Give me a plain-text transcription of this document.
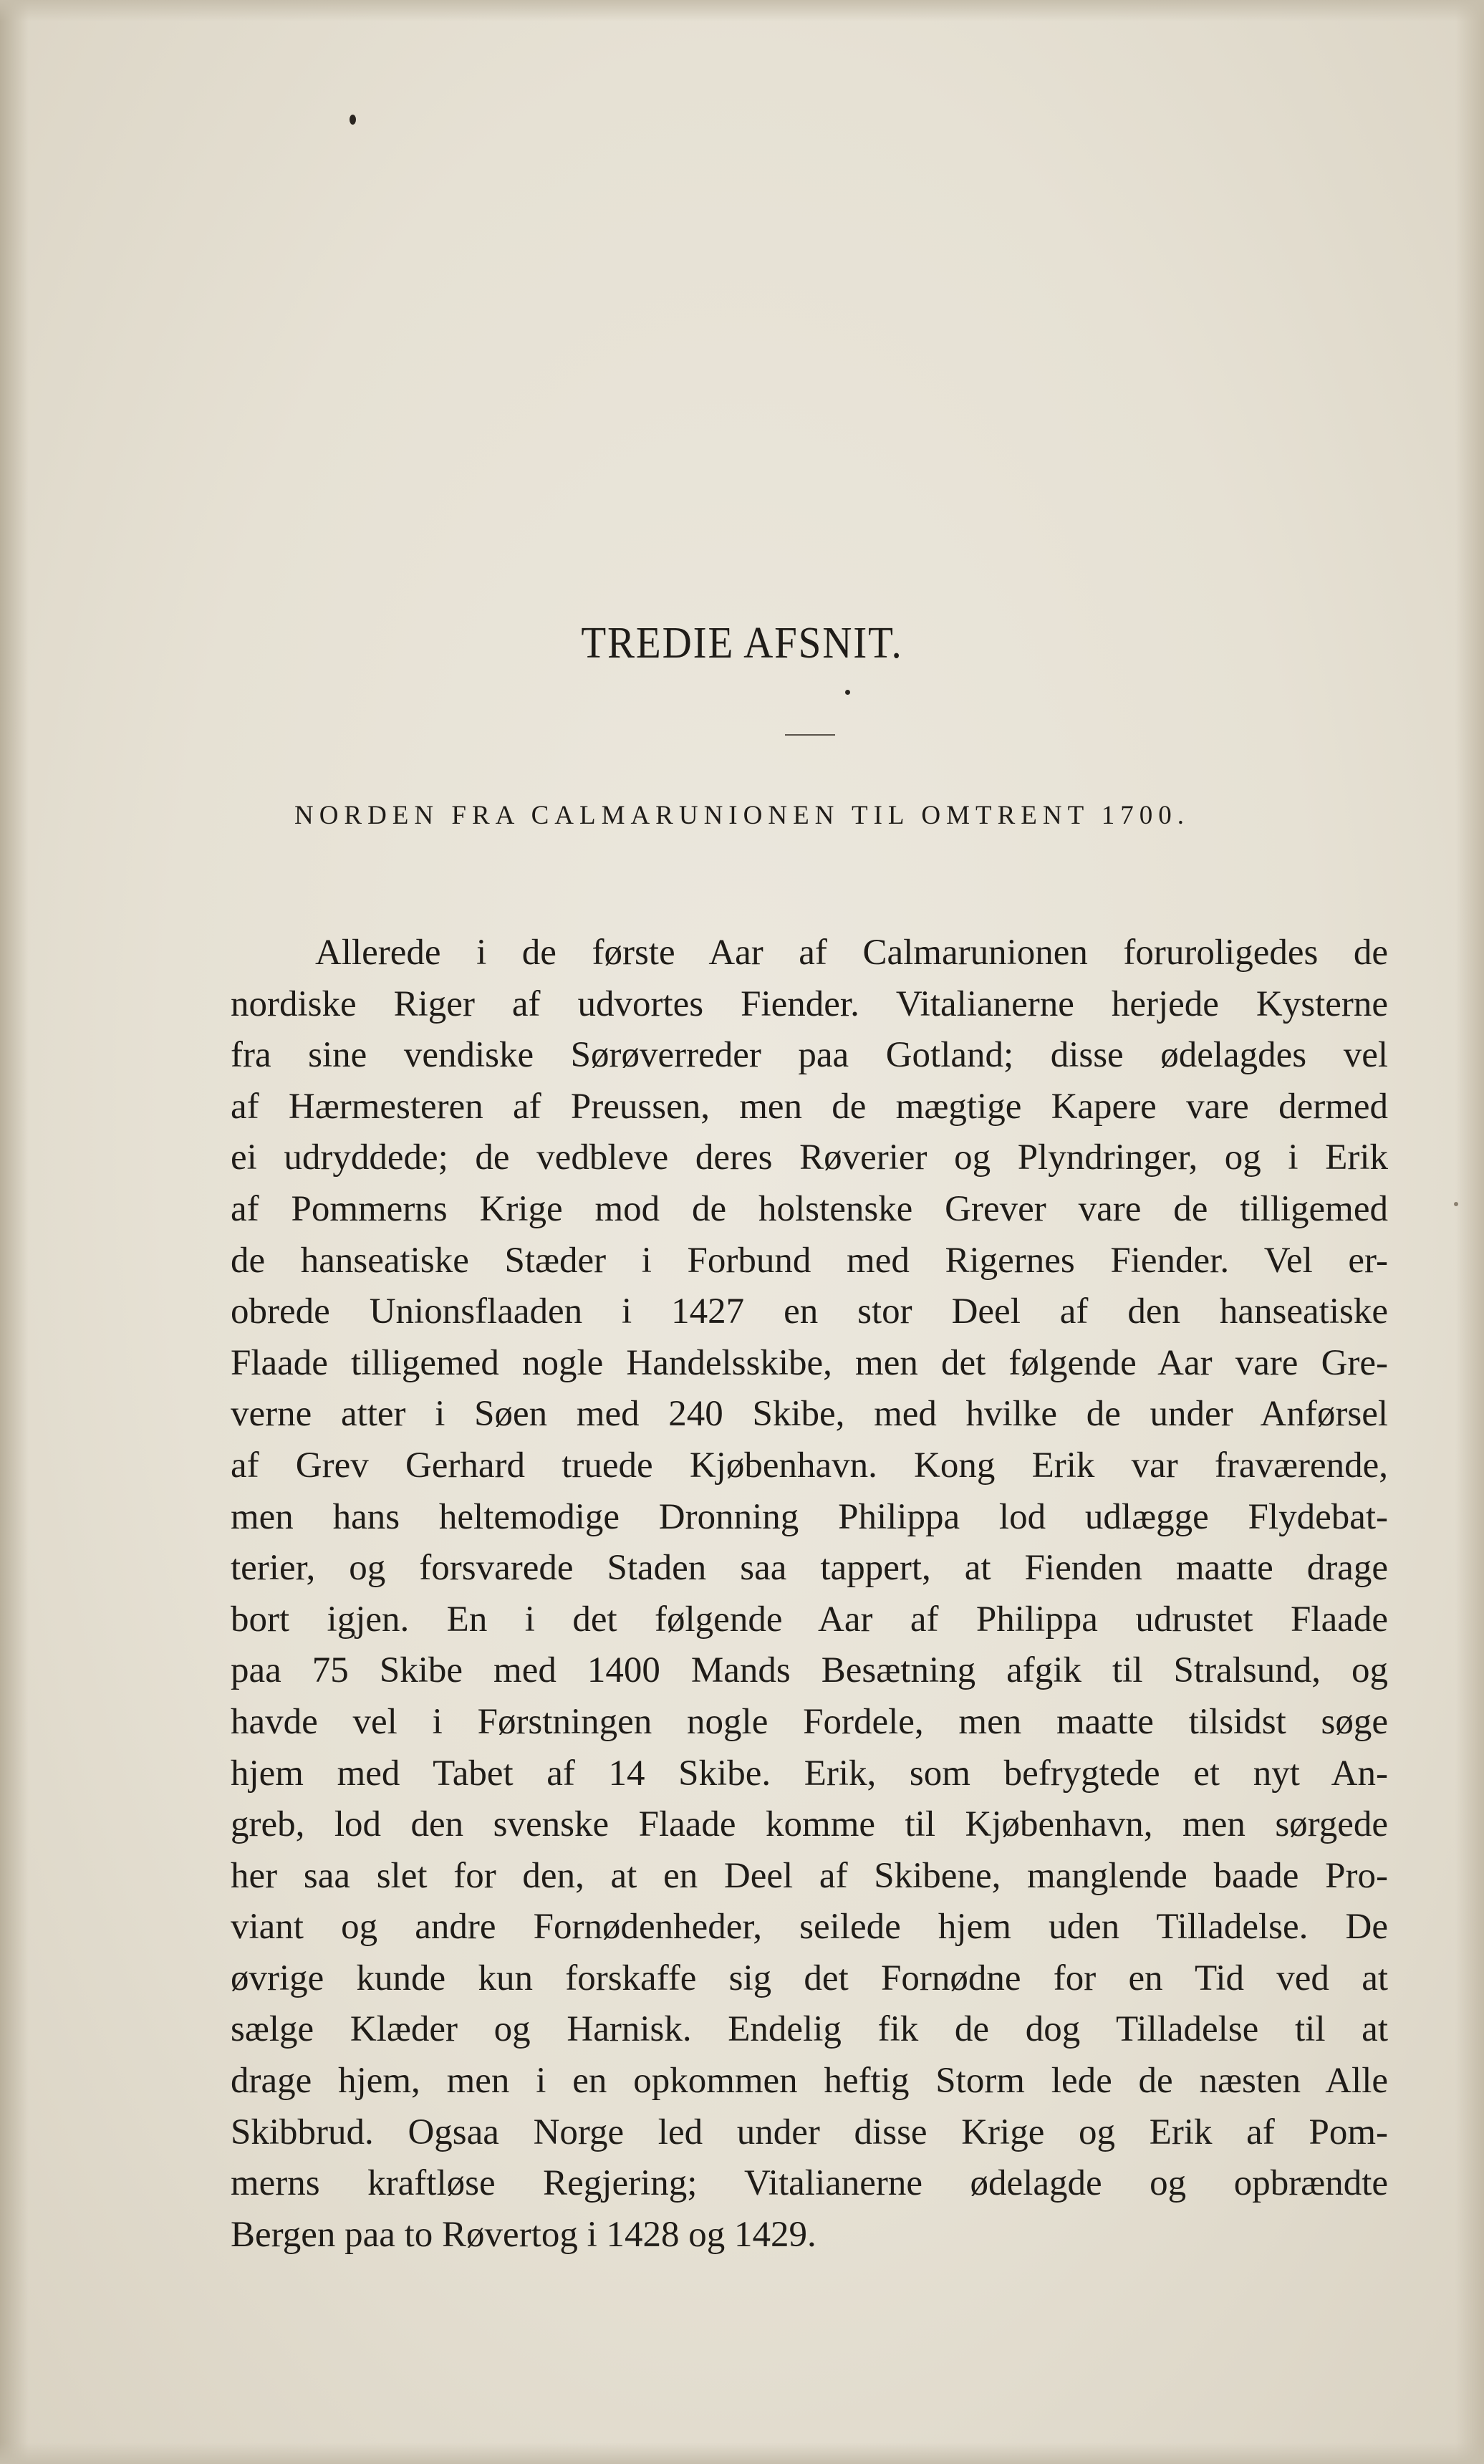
TREDIE AFSNIT.
NORDEN FRA CALMARUNIONEN TIL OMTRENT 1700.
Allerede i de første Aar af Calmarunionen foruroligedes de
nordiske Riger af udvortes Fiender. Vitalianerne herjede Kysterne
fra sine vendiske Sørøverreder paa Gotland; disse ødelagdes vel
af Hærmesteren af Preussen, men de mægtige Kapere vare dermed
ei udryddede; de vedbleve deres Røverier og Plyndringer, og i Erik
af Pommerns Krige mod de holstenske Grever vare de tilligemed
de hanseatiske Stæder i Forbund med Rigernes Fiender. Vel er-
obrede Unionsflaaden i 1427 en stor Deel af den hanseatiske
Flaade tilligemed nogle Handelsskibe, men det følgende Aar vare Gre-
verne atter i Søen med 240 Skibe, med hvilke de under Anførsel
af Grev Gerhard truede Kjøbenhavn. Kong Erik var fraværende,
men hans heltemodige Dronning Philippa lod udlægge Flydebat-
terier, og forsvarede Staden saa tappert, at Fienden maatte drage
bort igjen. En i det følgende Aar af Philippa udrustet Flaade
paa 75 Skibe med 1400 Mands Besætning afgik til Stralsund, og
havde vel i Førstningen nogle Fordele, men maatte tilsidst søge
hjem med Tabet af 14 Skibe. Erik, som befrygtede et nyt An-
greb, lod den svenske Flaade komme til Kjøbenhavn, men sørgede
her saa slet for den, at en Deel af Skibene, manglende baade Pro-
viant og andre Fornødenheder, seilede hjem uden Tilladelse. De
øvrige kunde kun forskaffe sig det Fornødne for en Tid ved at
sælge Klæder og Harnisk. Endelig fik de dog Tilladelse til at
drage hjem, men i en opkommen heftig Storm lede de næsten Alle
Skibbrud. Ogsaa Norge led under disse Krige og Erik af Pom-
merns kraftløse Regjering; Vitalianerne ødelagde og opbrændte
Bergen paa to Røvertog i 1428 og 1429.
